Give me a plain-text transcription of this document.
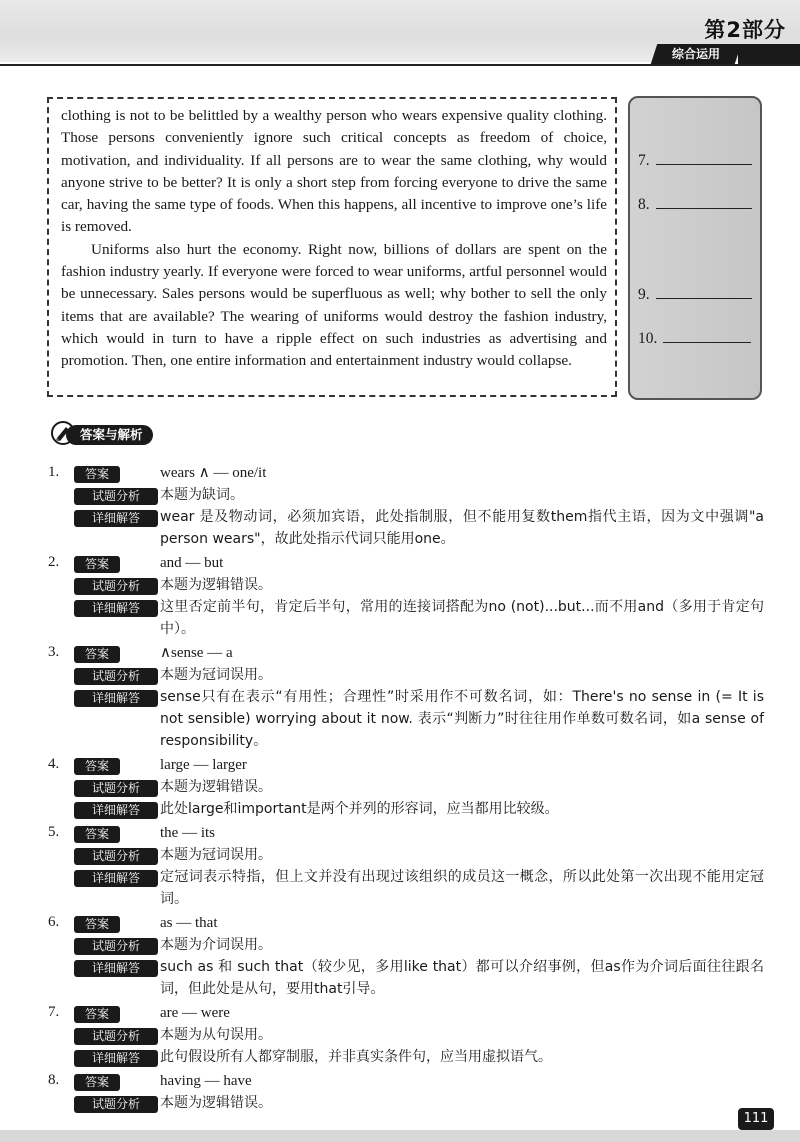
第2部分
综合运用

clothing is not to be belittled by a wealthy person who wears expensive quality clothing. Those persons conveniently ignore such critical concepts as freedom of choice, motivation, and individuality. If all persons are to wear the same clothing, why would anyone strive to be better? It is only a short step from forcing everyone to drive the same car, having the same type of foods. When this happens, all incentive to improve one’s life is removed.

Uniforms also hurt the economy. Right now, billions of dollars are spent on the fashion industry yearly. If everyone were forced to wear uniforms, artful personnel would be unnecessary. Sales persons would be superfluous as well; why bother to sell the only items that are available? The wearing of uniforms would destroy the fashion industry, which would in turn to have a ripple effect on such industries as advertising and promotion. Then, one entire information and entertainment industry would collapse.

7.
8.
9.
10.
答案与解析
1.	答案	wears ∧ — one/it
试题分析	本题为缺词。
详细解答	wear 是及物动词，必须加宾语，此处指制服，但不能用复数them指代主语，因为文中强调"a person wears"，故此处指示代词只能用one。
2.	答案	and — but
试题分析	本题为逻辑错误。
详细解答	这里否定前半句，肯定后半句，常用的连接词搭配为no (not)...but...而不用and（多用于肯定句中）。
3.	答案	∧sense — a
试题分析	本题为冠词误用。
详细解答	sense只有在表示“有用性；合理性”时采用作不可数名词，如：There's no sense in (= It is not sensible) worrying about it now. 表示“判断力”时往往用作单数可数名词，如a sense of responsibility。
4.	答案	large — larger
试题分析	本题为逻辑错误。
详细解答	此处large和important是两个并列的形容词，应当都用比较级。
5.	答案	the — its
试题分析	本题为冠词误用。
详细解答	定冠词表示特指，但上文并没有出现过该组织的成员这一概念，所以此处第一次出现不能用定冠词。
6.	答案	as — that
试题分析	本题为介词误用。
详细解答	such as 和 such that（较少见，多用like that）都可以介绍事例，但as作为介词后面往往跟名词，但此处是从句，要用that引导。
7.	答案	are — were
试题分析	本题为从句误用。
详细解答	此句假设所有人都穿制服，并非真实条件句，应当用虚拟语气。
8.	答案	having — have
试题分析	本题为逻辑错误。
111
